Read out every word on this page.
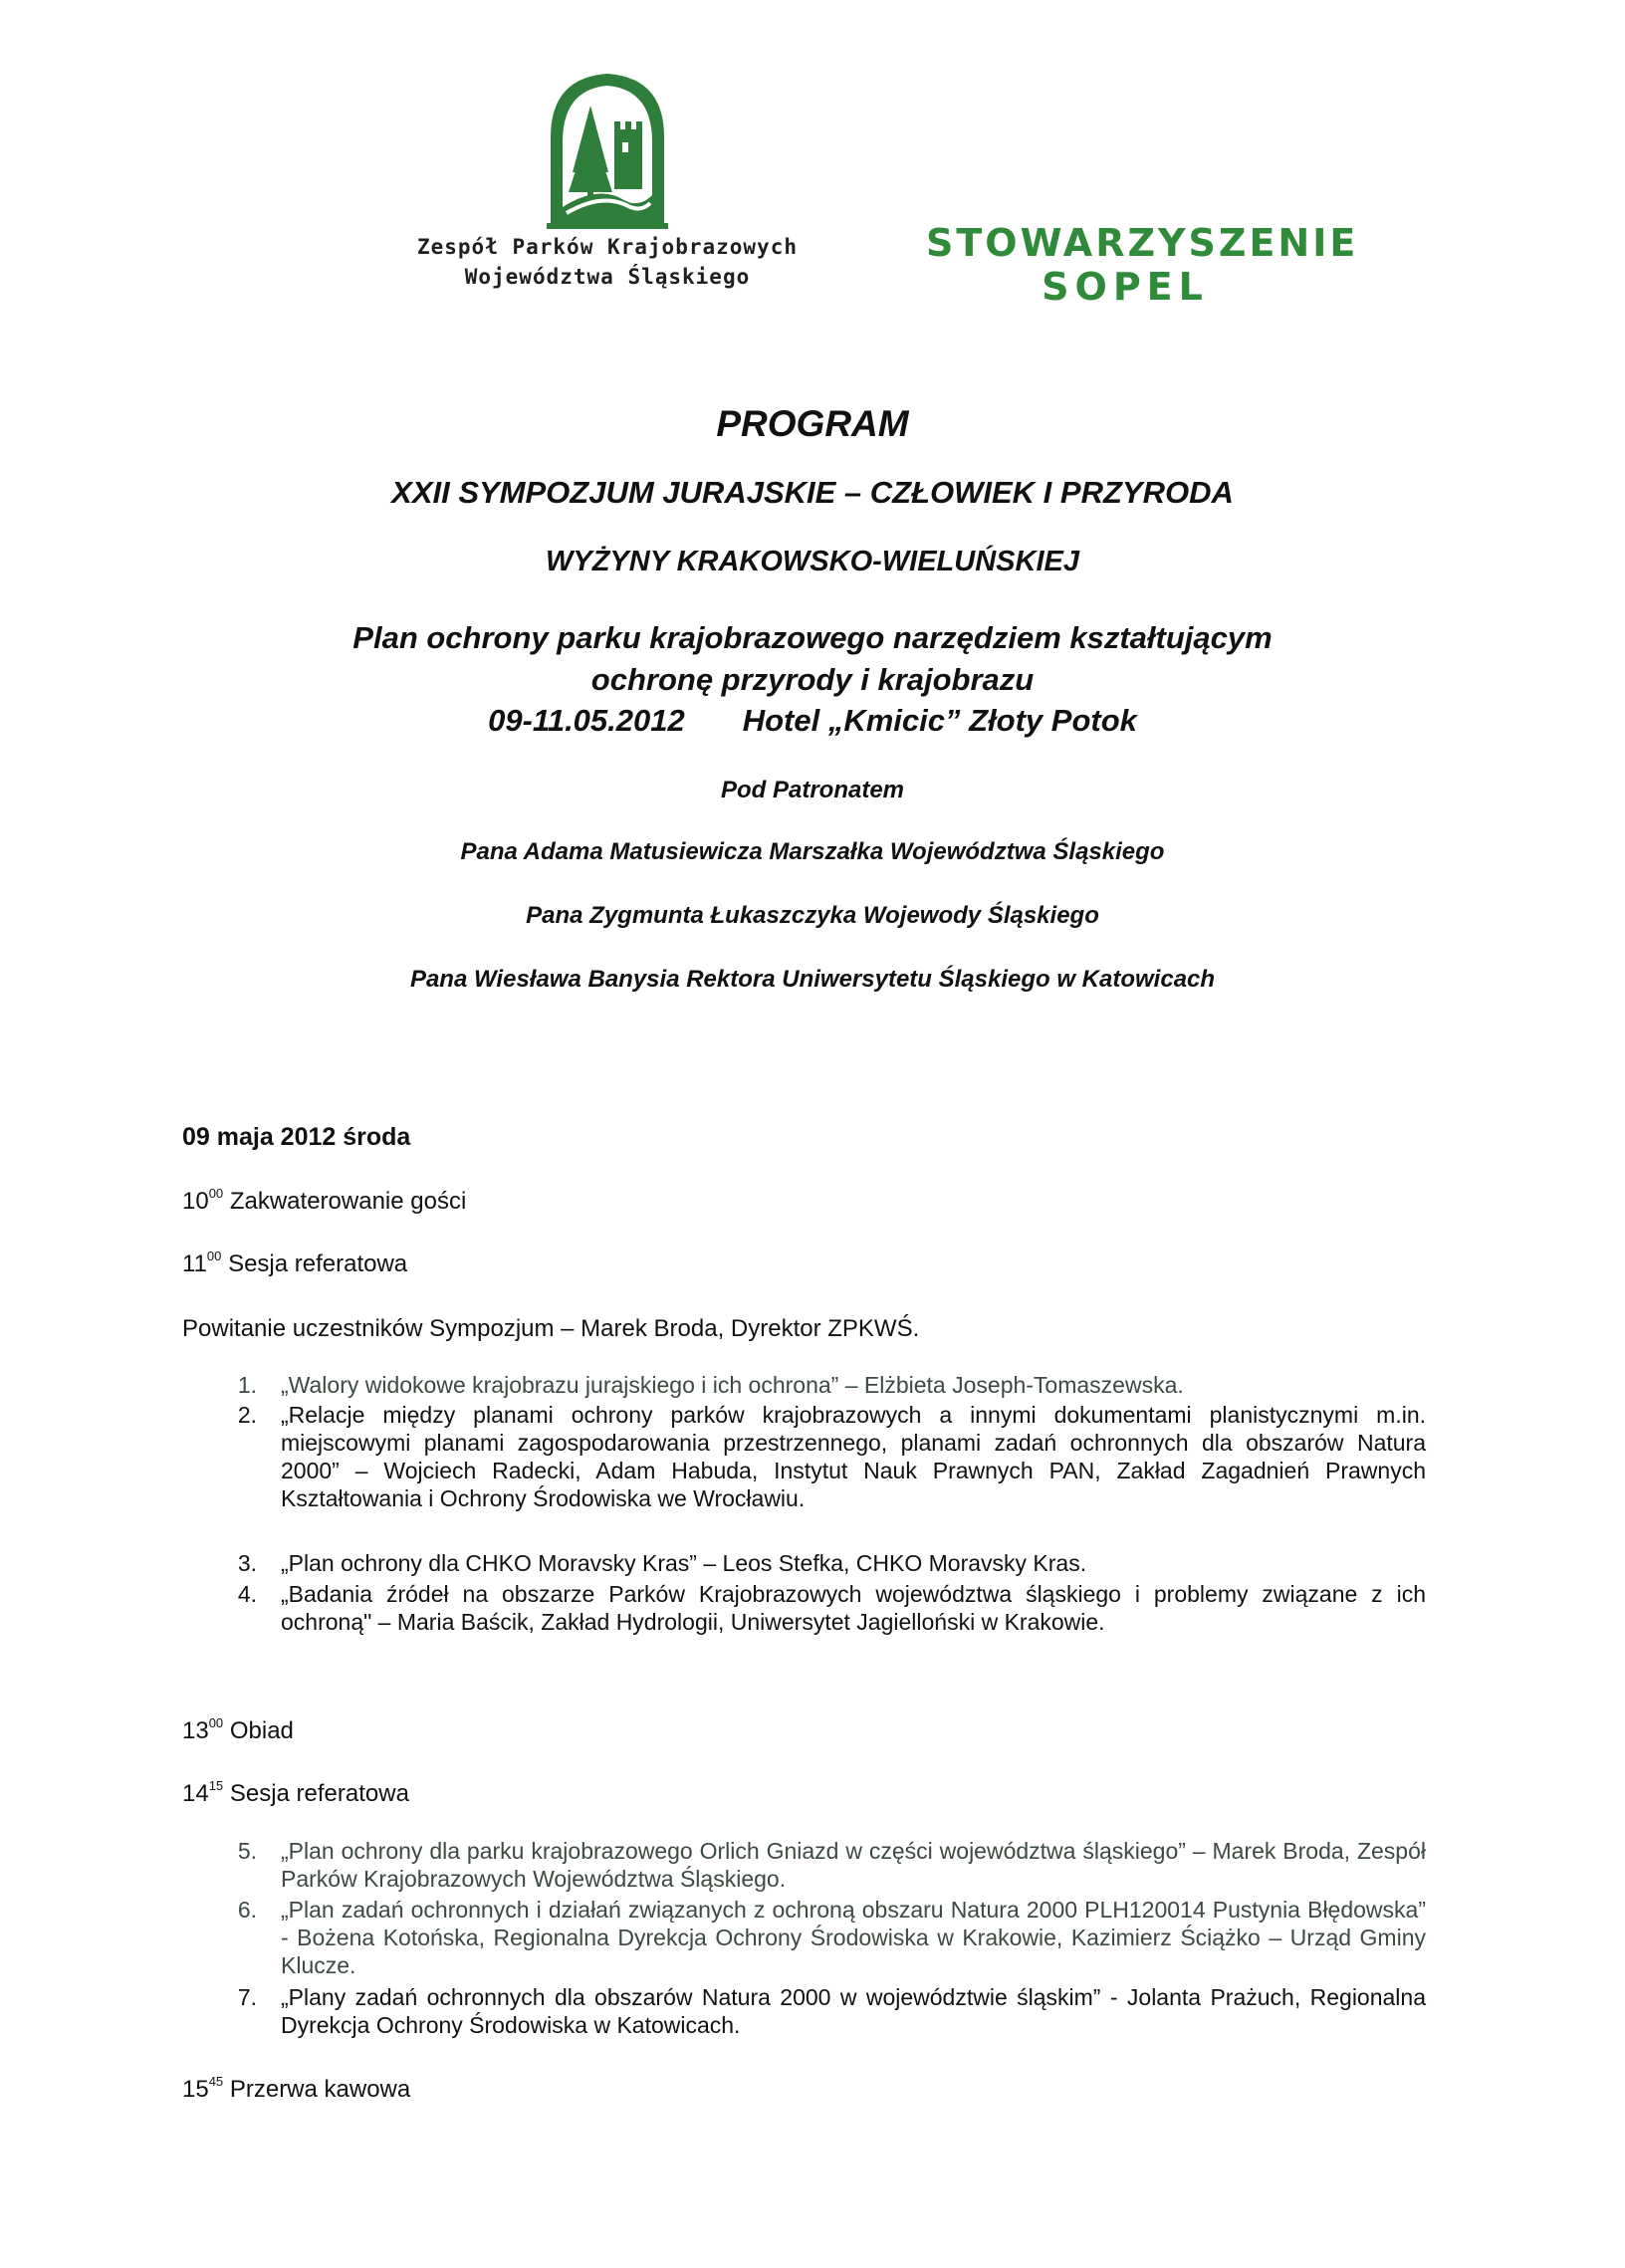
Zespół Parków Krajobrazowych
Województwa Śląskiego
STOWARZYSZENIE
SOPEL
PROGRAM
XXII SYMPOZJUM JURAJSKIE – CZŁOWIEK I PRZYRODA
WYŻYNY KRAKOWSKO-WIELUŃSKIEJ
Plan ochrony parku krajobrazowego narzędziem kształtującym
ochronę przyrody i krajobrazu
09-11.05.2012 Hotel „Kmicic” Złoty Potok
Pod Patronatem
Pana Adama Matusiewicza Marszałka Województwa Śląskiego
Pana Zygmunta Łukaszczyka Wojewody Śląskiego
Pana Wiesława Banysia Rektora Uniwersytetu Śląskiego w Katowicach
09 maja 2012 środa
$10^{00}$ Zakwaterowanie gości
$11^{00}$ Sesja referatowa
Powitanie uczestników Sympozjum – Marek Broda, Dyrektor ZPKWŚ.
1. „Walory widokowe krajobrazu jurajskiego i ich ochrona” – Elżbieta Joseph-Tomaszewska.
2. „Relacje między planami ochrony parków krajobrazowych a innymi dokumentami planistycznymi m.in. miejscowymi planami zagospodarowania przestrzennego, planami zadań ochronnych dla obszarów Natura 2000” – Wojciech Radecki, Adam Habuda, Instytut Nauk Prawnych PAN, Zakład Zagadnień Prawnych Kształtowania i Ochrony Środowiska we Wrocławiu.
3. „Plan ochrony dla CHKO Moravsky Kras” – Leos Stefka, CHKO Moravsky Kras.
4. „Badania źródeł na obszarze Parków Krajobrazowych województwa śląskiego i problemy związane z ich ochroną" – Maria Baścik, Zakład Hydrologii, Uniwersytet Jagielloński w Krakowie.
$13^{00}$ Obiad
$14^{15}$ Sesja referatowa
5. „Plan ochrony dla parku krajobrazowego Orlich Gniazd w części województwa śląskiego” – Marek Broda, Zespół Parków Krajobrazowych Województwa Śląskiego.
6. „Plan zadań ochronnych i działań związanych z ochroną obszaru Natura 2000 PLH120014 Pustynia Błędowska” - Bożena Kotońska, Regionalna Dyrekcja Ochrony Środowiska w Krakowie, Kazimierz Ściążko – Urząd Gminy Klucze.
7. „Plany zadań ochronnych dla obszarów Natura 2000 w województwie śląskim” - Jolanta Prażuch, Regionalna Dyrekcja Ochrony Środowiska w Katowicach.
$15^{45}$ Przerwa kawowa
